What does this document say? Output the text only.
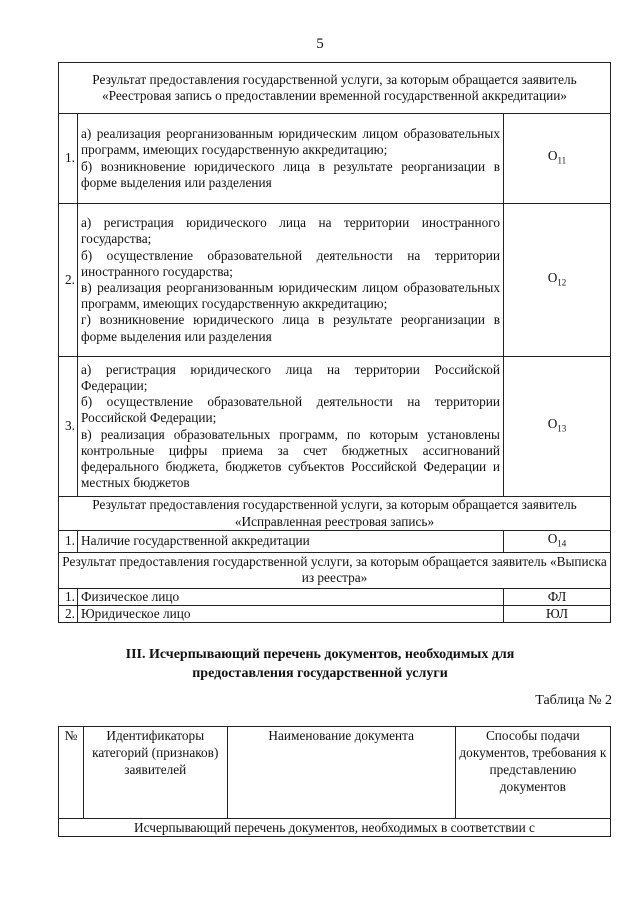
5
Результат предоставления государственной услуги, за которым обращается заявитель «Реестровая запись о предоставлении временной государственной аккредитации»		
1.	а) реализация реорганизованным юридическим лицом образовательных программ, имеющих государственную аккредитацию;
б) возникновение юридического лица в результате реорганизации в форме выделения или разделения	$О_{11}$
2.	а) регистрация юридического лица на территории иностранного государства;
б) осуществление образовательной деятельности на территории иностранного государства;
в) реализация реорганизованным юридическим лицом образовательных программ, имеющих государственную аккредитацию;
г) возникновение юридического лица в результате реорганизации в форме выделения или разделения	$О_{12}$
3.	а) регистрация юридического лица на территории Российской Федерации;
б) осуществление образовательной деятельности на территории Российской Федерации;
в) реализация образовательных программ, по которым установлены контрольные цифры приема за счет бюджетных ассигнований федерального бюджета, бюджетов субъектов Российской Федерации и местных бюджетов	$О_{13}$
Результат предоставления государственной услуги, за которым обращается заявитель «Исправленная реестровая запись»		
1.	Наличие государственной аккредитации	$О_{14}$
Результат предоставления государственной услуги, за которым обращается заявитель «Выписка из реестра»		
1.	Физическое лицо	ФЛ
2.	Юридическое лицо	ЮЛ
III. Исчерпывающий перечень документов, необходимых для
предоставления государственной услуги
Таблица № 2
№	Идентификаторы категорий (признаков) заявителей	Наименование документа	Способы подачи документов, требования к представлению документов
Исчерпывающий перечень документов, необходимых в соответствии с
